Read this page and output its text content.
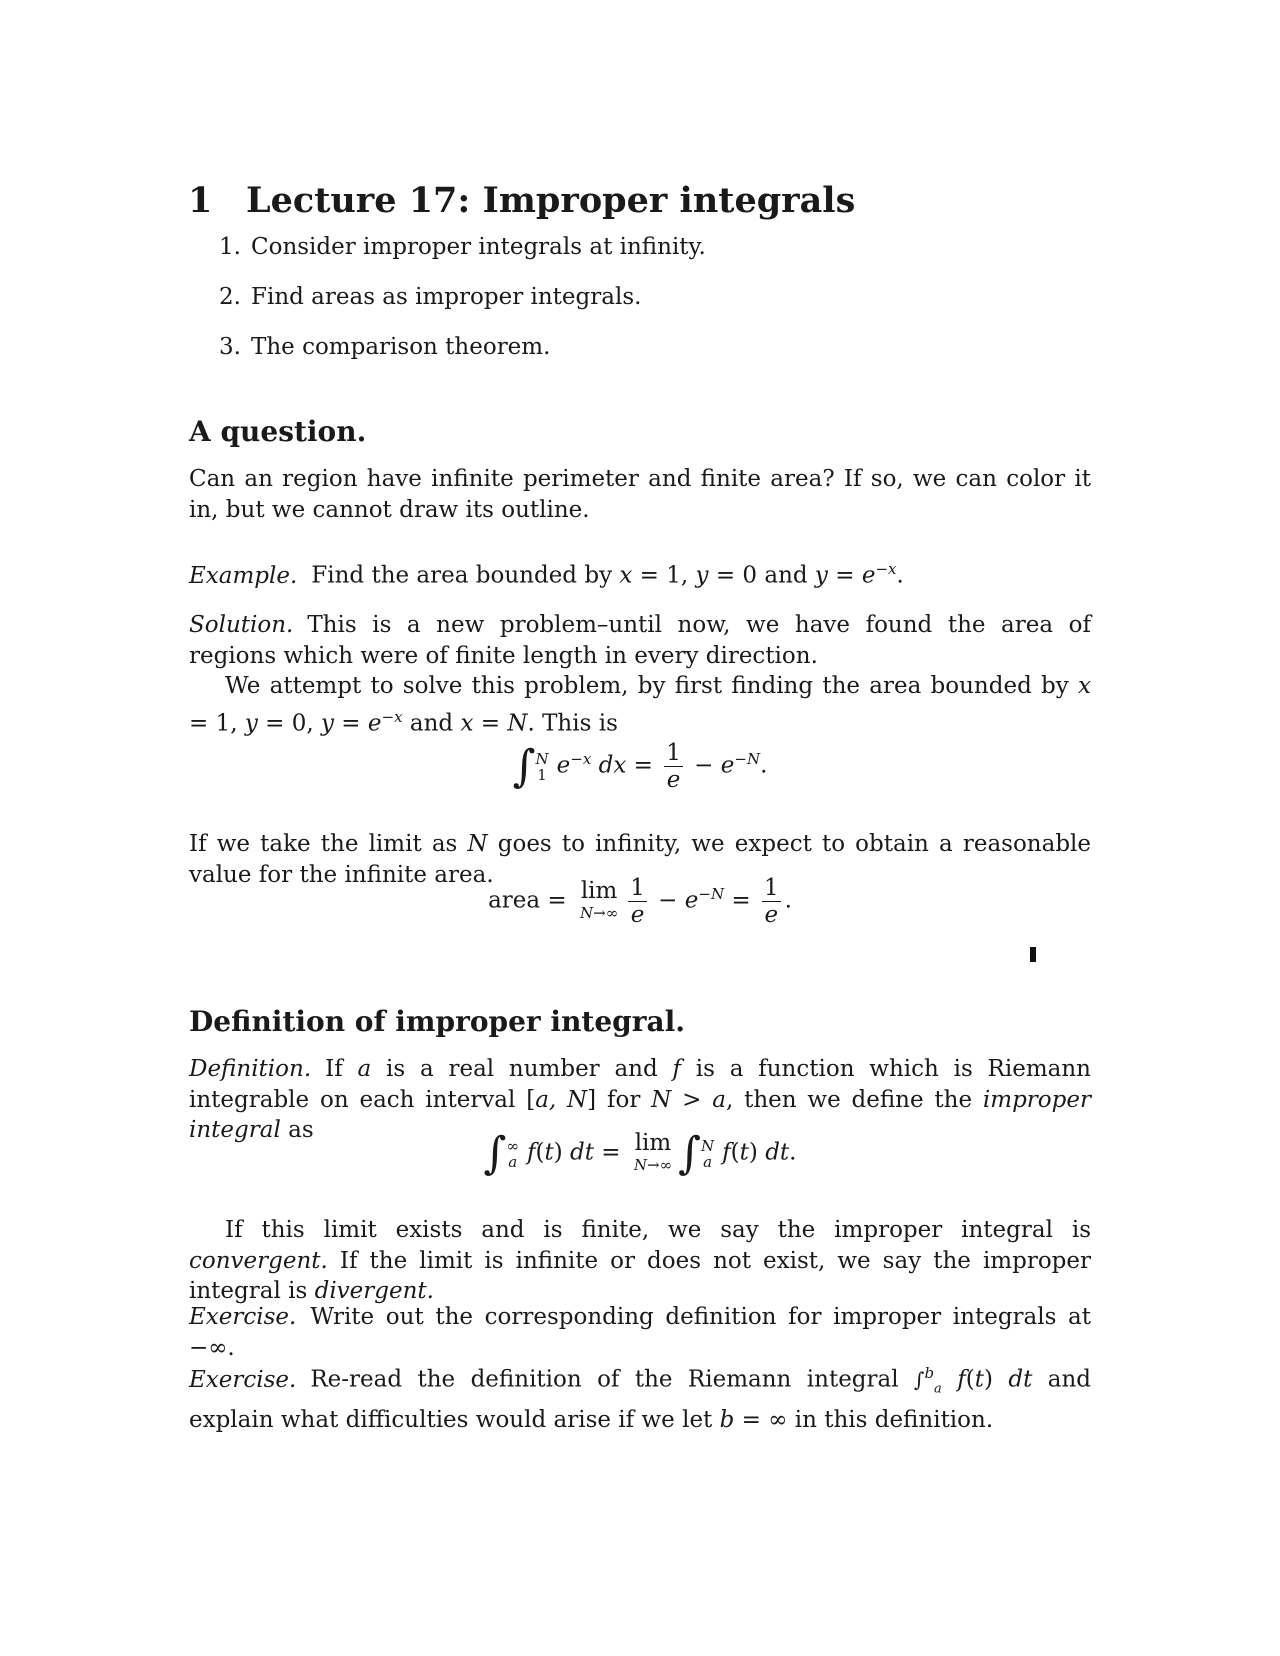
1 Lecture 17: Improper integrals
1. Consider improper integrals at infinity.
2. Find areas as improper integrals.
3. The comparison theorem.
A question.
Can an region have infinite perimeter and finite area? If so, we can color it in, but we cannot draw its outline.
Example. Find the area bounded by x = 1, y = 0 and $y = e^{-x}$.
Solution. This is a new problem–until now, we have found the area of regions which were of finite length in every direction.
We attempt to solve this problem, by first finding the area bounded by x = 1, y = 0, $y = e^{-x}$ and x = N. This is
∫ N
1 $e^{-x}$ dx = $\frac{1}{e} - e^{-N}$.
If we take the limit as N goes to infinity, we expect to obtain a reasonable value for the infinite area.
area = lim
$N\to\infty \frac{1}{e} - e^{-N} = \frac{1}{e}$ .
Definition of improper integral.
Definition. If a is a real number and f is a function which is Riemann integrable on each interval [a, N] for N > a, then we define the improper integral as	∫ ∞
a f(t) dt = lim
N→∞ ∫ N
a f(t) dt.
If this limit exists and is finite, we say the improper integral is convergent. If the limit is infinite or does not exist, we say the improper integral is divergent.
Exercise. Write out the corresponding definition for improper integrals at −∞.
Exercise. Re-read the definition of the Riemann integral ∫$^b_a$ f(t) dt and explain what difficulties would arise if we let b = ∞ in this definition.
